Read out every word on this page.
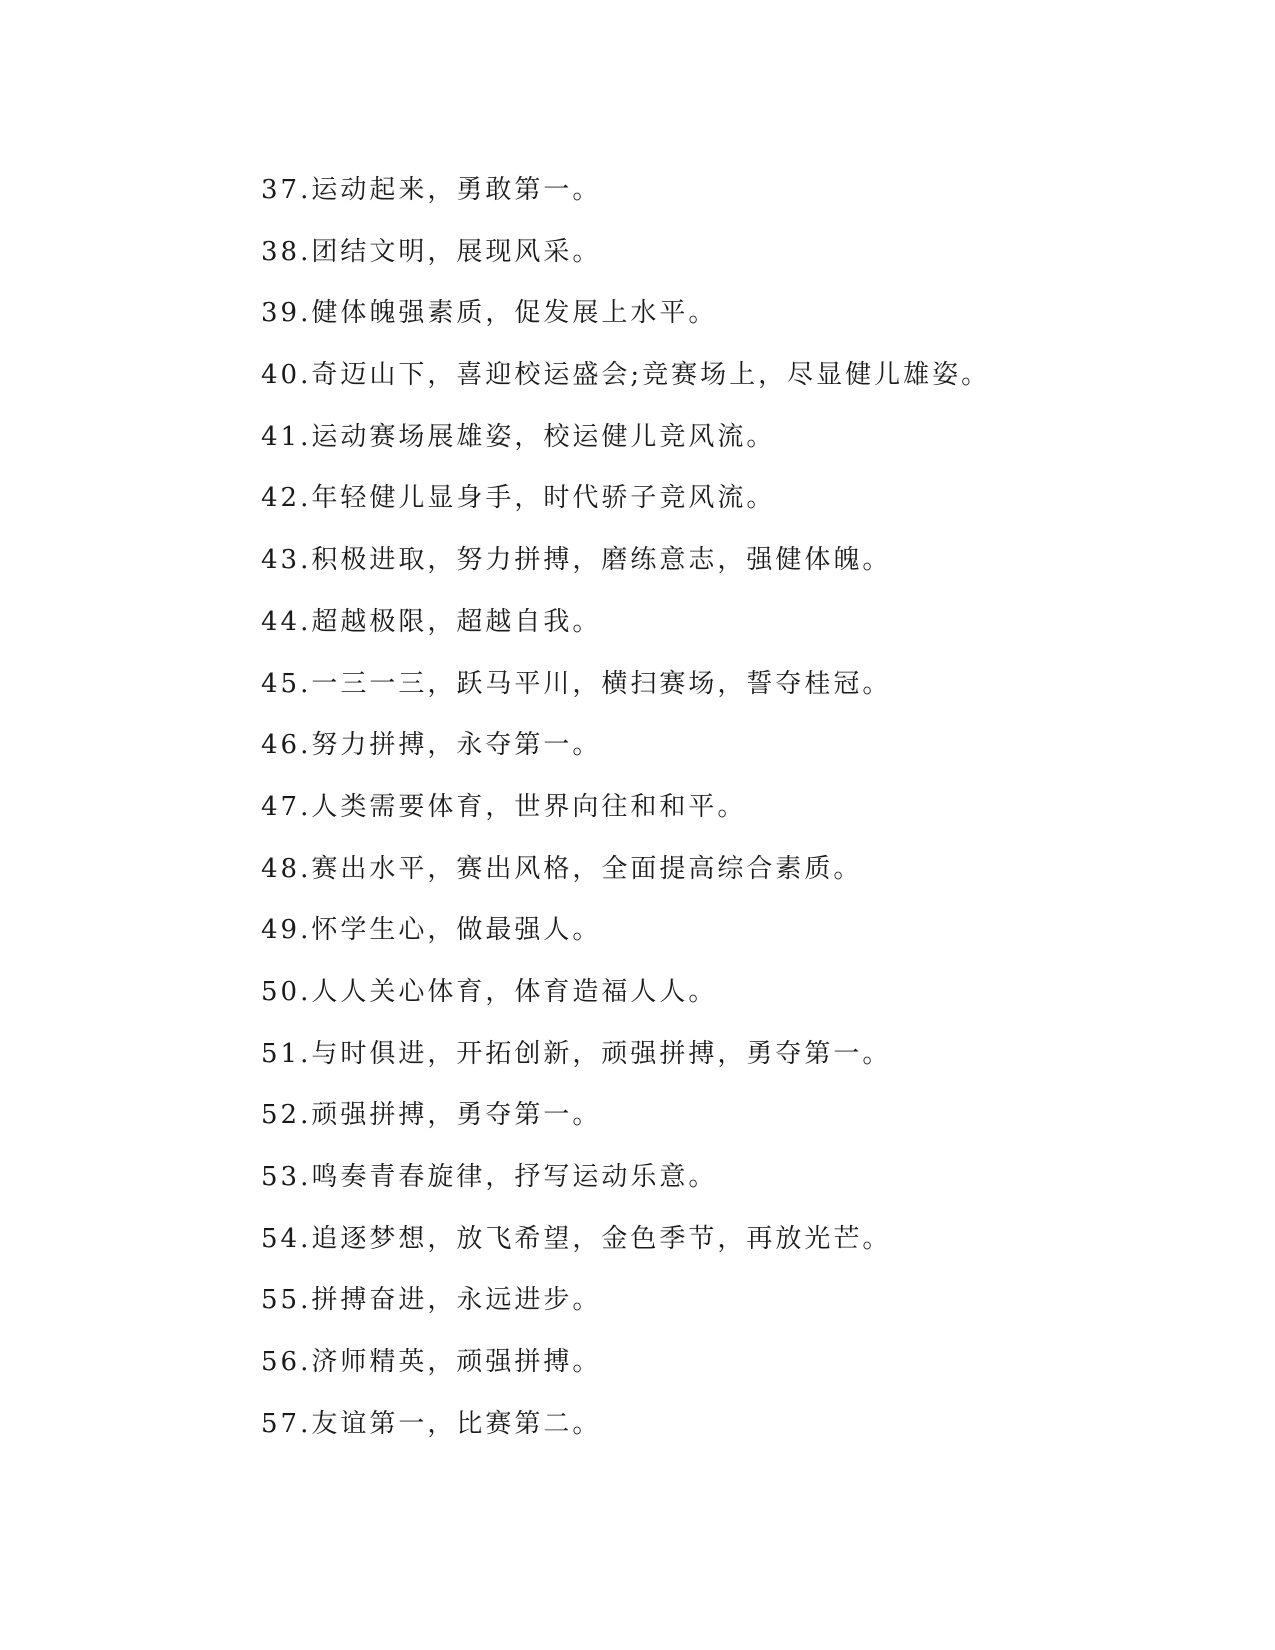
37.运动起来，勇敢第一。
38.团结文明，展现风采。
39.健体魄强素质，促发展上水平。
40.奇迈山下，喜迎校运盛会;竞赛场上，尽显健儿雄姿。
41.运动赛场展雄姿，校运健儿竞风流。
42.年轻健儿显身手，时代骄子竞风流。
43.积极进取，努力拼搏，磨练意志，强健体魄。
44.超越极限，超越自我。
45.一三一三，跃马平川，横扫赛场，誓夺桂冠。
46.努力拼搏，永夺第一。
47.人类需要体育，世界向往和和平。
48.赛出水平，赛出风格，全面提高综合素质。
49.怀学生心，做最强人。
50.人人关心体育，体育造福人人。
51.与时俱进，开拓创新，顽强拼搏，勇夺第一。
52.顽强拼搏，勇夺第一。
53.鸣奏青春旋律，抒写运动乐意。
54.追逐梦想，放飞希望，金色季节，再放光芒。
55.拼搏奋进，永远进步。
56.济师精英，顽强拼搏。
57.友谊第一，比赛第二。
